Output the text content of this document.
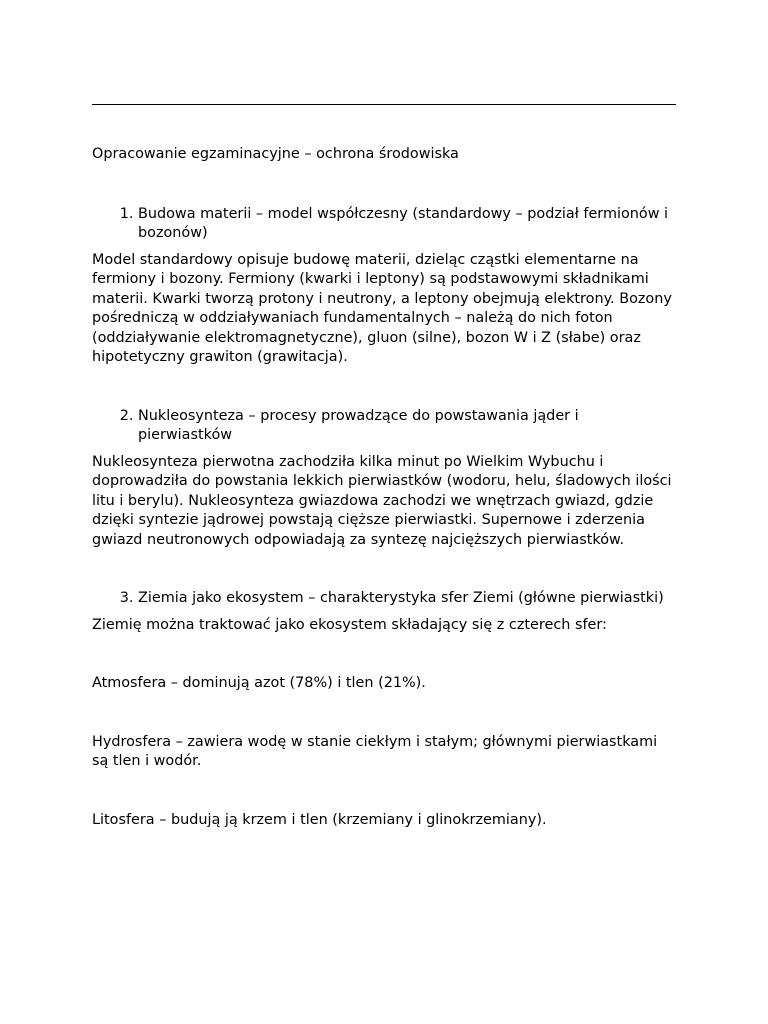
Opracowanie egzaminacyjne – ochrona środowiska

1. Budowa materii – model współczesny (standardowy – podział fermionów i bozonów)

Model standardowy opisuje budowę materii, dzieląc cząstki elementarne na fermiony i bozony. Fermiony (kwarki i leptony) są podstawowymi składnikami materii. Kwarki tworzą protony i neutrony, a leptony obejmują elektrony. Bozony pośredniczą w oddziaływaniach fundamentalnych – należą do nich foton (oddziaływanie elektromagnetyczne), gluon (silne), bozon W i Z (słabe) oraz hipotetyczny grawiton (grawitacja).

2. Nukleosynteza – procesy prowadzące do powstawania jąder i pierwiastków

Nukleosynteza pierwotna zachodziła kilka minut po Wielkim Wybuchu i doprowadziła do powstania lekkich pierwiastków (wodoru, helu, śladowych ilości litu i berylu). Nukleosynteza gwiazdowa zachodzi we wnętrzach gwiazd, gdzie dzięki syntezie jądrowej powstają cięższe pierwiastki. Supernowe i zderzenia gwiazd neutronowych odpowiadają za syntezę najcięższych pierwiastków.

3. Ziemia jako ekosystem – charakterystyka sfer Ziemi (główne pierwiastki)

Ziemię można traktować jako ekosystem składający się z czterech sfer:

Atmosfera – dominują azot (78%) i tlen (21%).

Hydrosfera – zawiera wodę w stanie ciekłym i stałym; głównymi pierwiastkami są tlen i wodór.

Litosfera – budują ją krzem i tlen (krzemiany i glinokrzemiany).
